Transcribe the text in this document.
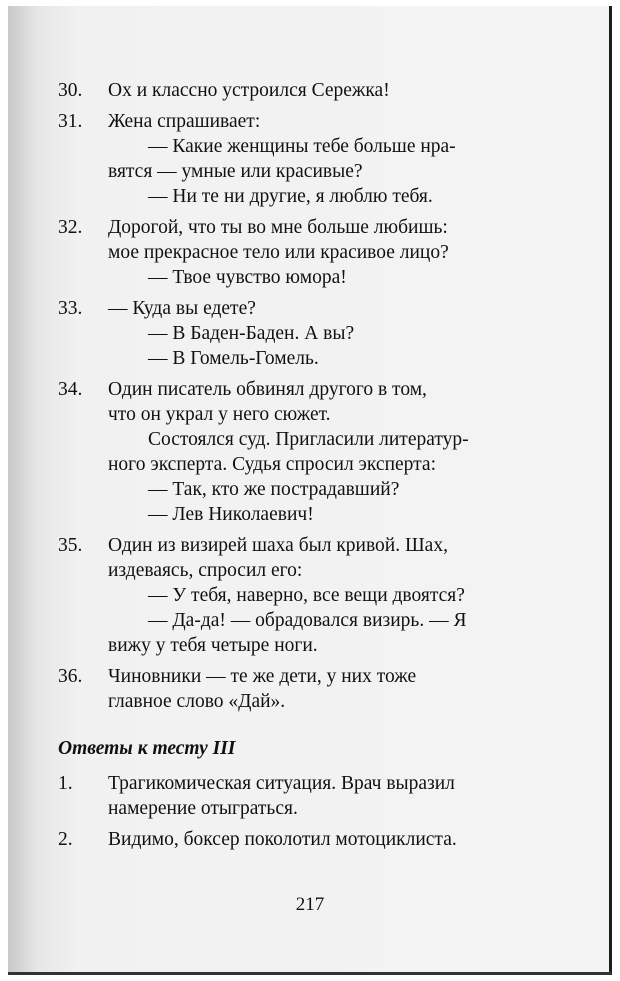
30. Ох и классно устроился Сережка!
31. Жена спрашивает:
— Какие женщины тебе больше нра-
вятся — умные или красивые?
— Ни те ни другие, я люблю тебя.
32. Дорогой, что ты во мне больше любишь:
мое прекрасное тело или красивое лицо?
— Твое чувство юмора!
33. — Куда вы едете?
— В Баден-Баден. А вы?
— В Гомель-Гомель.
34. Один писатель обвинял другого в том,
что он украл у него сюжет.
Состоялся суд. Пригласили литератур-
ного эксперта. Судья спросил эксперта:
— Так, кто же пострадавший?
— Лев Николаевич!
35. Один из визирей шаха был кривой. Шах,
издеваясь, спросил его:
— У тебя, наверно, все вещи двоятся?
— Да-да! — обрадовался визирь. — Я
вижу у тебя четыре ноги.
36. Чиновники — те же дети, у них тоже
главное слово «Дай».
Ответы к тесту III
1. Трагикомическая ситуация. Врач выразил
намерение отыграться.
2. Видимо, боксер поколотил мотоциклиста.
217
